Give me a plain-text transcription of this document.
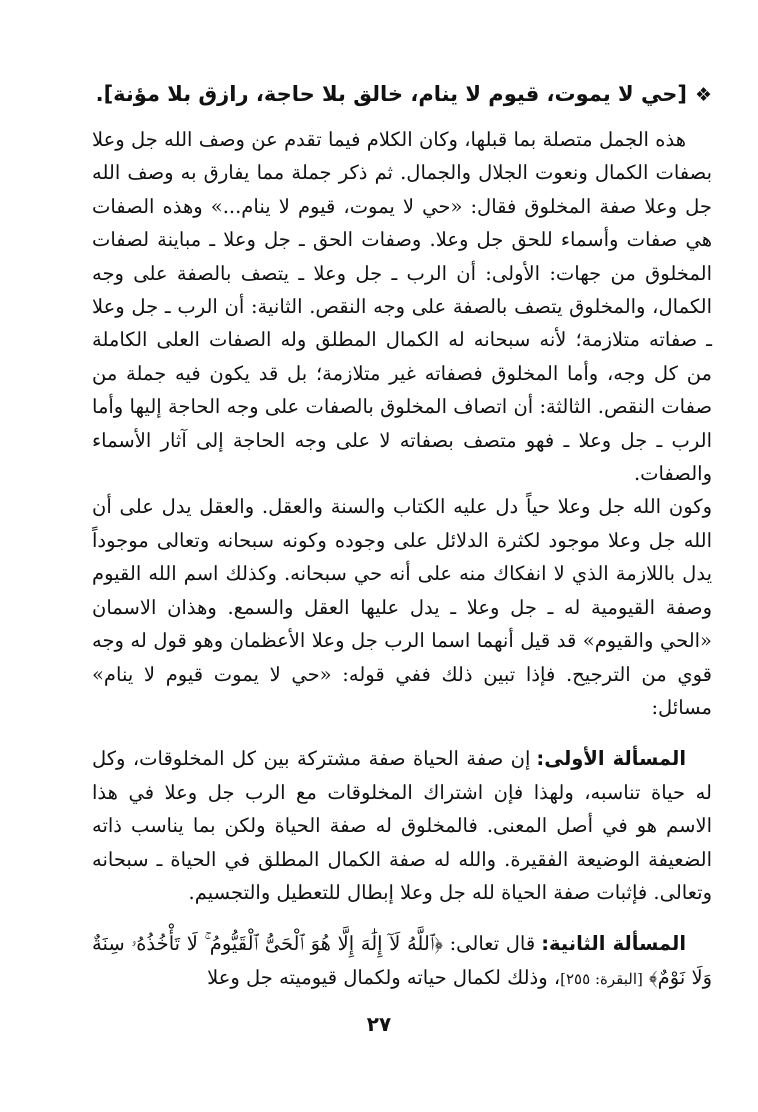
❖[حي لا يموت، قيوم لا ينام، خالق بلا حاجة، رازق بلا مؤنة].

هذه الجمل متصلة بما قبلها، وكان الكلام فيما تقدم عن وصف الله جل وعلا بصفات الكمال ونعوت الجلال والجمال. ثم ذكر جملة مما يفارق به وصف الله جل وعلا صفة المخلوق فقال: «حي لا يموت، قيوم لا ينام...» وهذه الصفات هي صفات وأسماء للحق جل وعلا. وصفات الحق ـ جل وعلا ـ مباينة لصفات المخلوق من جهات: الأولى: أن الرب ـ جل وعلا ـ يتصف بالصفة على وجه الكمال، والمخلوق يتصف بالصفة على وجه النقص. الثانية: أن الرب ـ جل وعلا ـ صفاته متلازمة؛ لأنه سبحانه له الكمال المطلق وله الصفات العلى الكاملة من كل وجه، وأما المخلوق فصفاته غير متلازمة؛ بل قد يكون فيه جملة من صفات النقص. الثالثة: أن اتصاف المخلوق بالصفات على وجه الحاجة إليها وأما الرب ـ جل وعلا ـ فهو متصف بصفاته لا على وجه الحاجة إلى آثار الأسماء والصفات.

وكون الله جل وعلا حياً دل عليه الكتاب والسنة والعقل. والعقل يدل على أن الله جل وعلا موجود لكثرة الدلائل على وجوده وكونه سبحانه وتعالى موجوداً يدل باللازمة الذي لا انفكاك منه على أنه حي سبحانه. وكذلك اسم الله القيوم وصفة القيومية له ـ جل وعلا ـ يدل عليها العقل والسمع. وهذان الاسمان «الحي والقيوم» قد قيل أنهما اسما الرب جل وعلا الأعظمان وهو قول له وجه قوي من الترجيح. فإذا تبين ذلك ففي قوله: «حي لا يموت قيوم لا ينام» مسائل:

المسألة الأولى:إن صفة الحياة صفة مشتركة بين كل المخلوقات، وكل له حياة تناسبه، ولهذا فإن اشتراك المخلوقات مع الرب جل وعلا في هذا الاسم هو في أصل المعنى. فالمخلوق له صفة الحياة ولكن بما يناسب ذاته الضعيفة الوضيعة الفقيرة. والله له صفة الكمال المطلق في الحياة ـ سبحانه وتعالى. فإثبات صفة الحياة لله جل وعلا إبطال للتعطيل والتجسيم.

المسألة الثانية:قال تعالى: ﴿ٱللَّهُ لَآ إِلَٰهَ إِلَّا هُوَ ٱلْحَىُّ ٱلْقَيُّومُ ۚ لَا تَأْخُذُهُۥ سِنَةٌ وَلَا نَوْمٌ﴾ [البقرة: ٢٥٥]، وذلك لكمال حياته ولكمال قيوميته جل وعلا

٢٧
